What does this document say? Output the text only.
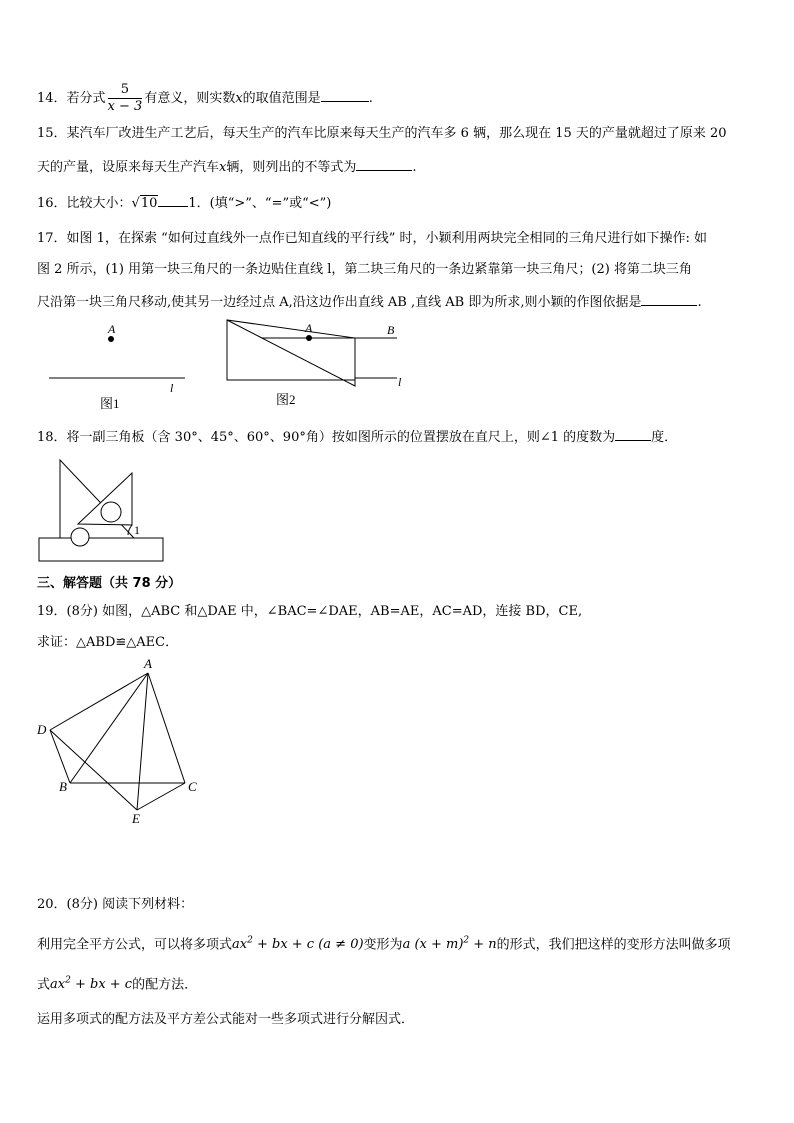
14．若分式 $\frac{5}{x - 3}$ 有意义，则实数x的取值范围是	.
15．某汽车厂改进生产工艺后，每天生产的汽车比原来每天生产的汽车多 6 辆，那么现在 15 天的产量就超过了原来 20
天的产量，设原来每天生产汽车x辆，则列出的不等式为	.
16．比较大小：√10 1．(填“>”、“=”或“<”)
17．如图 1，在探索 “如何过直线外一点作已知直线的平行线” 时，小颖利用两块完全相同的三角尺进行如下操作: 如
图 2 所示，(1) 用第一块三角尺的一条边贴住直线 l，第二块三角尺的一条边紧靠第一块三角尺；(2) 将第二块三角
尺沿第一块三角尺移动,使其另一边经过点 A,沿这边作出直线 AB ,直线 AB 即为所求,则小颖的作图依据是	.
A
l
图1
A	B
l
图2
18．将一副三角板（含 30°、45°、60°、90°角）按如图所示的位置摆放在直尺上，则∠1 的度数为	度．
1
三、解答题（共 78 分）
19．(8分) 如图，△ABC 和△DAE 中，∠BAC=∠DAE，AB=AE，AC=AD，连接 BD，CE,
求证：△ABD≌△AEC．
A
D
B	C
E
20．(8分) 阅读下列材料：
利用完全平方公式，可以将多项式$ax^2$ + bx + c (a ≠ 0)变形为a $(x + m)^2 + n$的形式，我们把这样的变形方法叫做多项
式$ax^2$ + bx + c的配方法．
运用多项式的配方法及平方差公式能对一些多项式进行分解因式．
